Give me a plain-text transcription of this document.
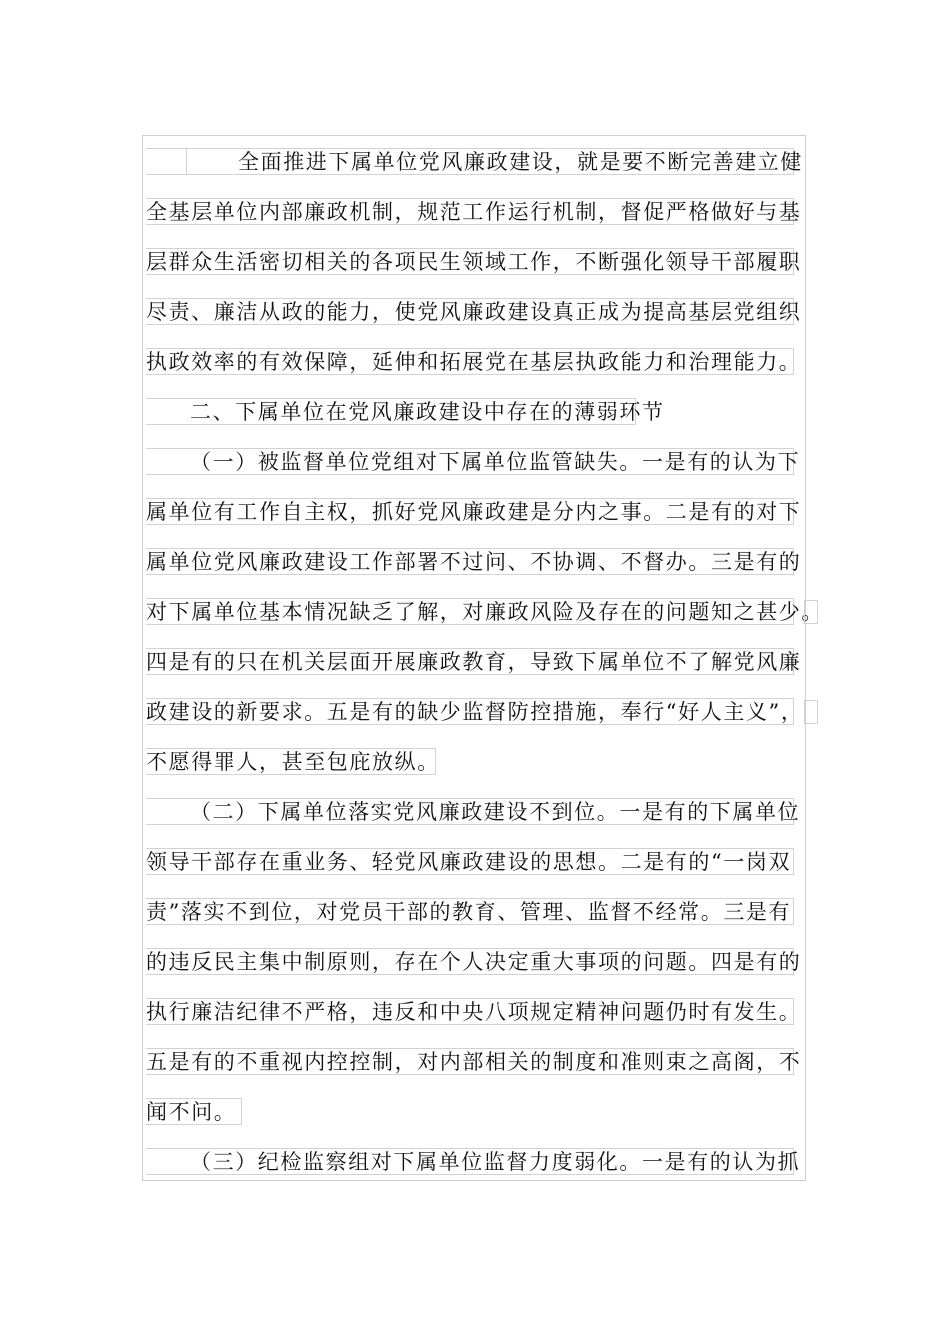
全面推进下属单位党风廉政建设，就是要不断完善建立健
全基层单位内部廉政机制，规范工作运行机制，督促严格做好与基
层群众生活密切相关的各项民生领域工作，不断强化领导干部履职
尽责、廉洁从政的能力，使党风廉政建设真正成为提高基层党组织
执政效率的有效保障，延伸和拓展党在基层执政能力和治理能力。
二、下属单位在党风廉政建设中存在的薄弱环节
（一）被监督单位党组对下属单位监管缺失。一是有的认为下
属单位有工作自主权，抓好党风廉政建是分内之事。二是有的对下
属单位党风廉政建设工作部署不过问、不协调、不督办。三是有的
对下属单位基本情况缺乏了解，对廉政风险及存在的问题知之甚少。
四是有的只在机关层面开展廉政教育，导致下属单位不了解党风廉
政建设的新要求。五是有的缺少监督防控措施，奉行“好人主义”，
不愿得罪人，甚至包庇放纵。
（二）下属单位落实党风廉政建设不到位。一是有的下属单位
领导干部存在重业务、轻党风廉政建设的思想。二是有的“一岗双
责”落实不到位，对党员干部的教育、管理、监督不经常。三是有
的违反民主集中制原则，存在个人决定重大事项的问题。四是有的
执行廉洁纪律不严格，违反和中央八项规定精神问题仍时有发生。
五是有的不重视内控控制，对内部相关的制度和准则束之高阁，不
闻不问。
（三）纪检监察组对下属单位监督力度弱化。一是有的认为抓
